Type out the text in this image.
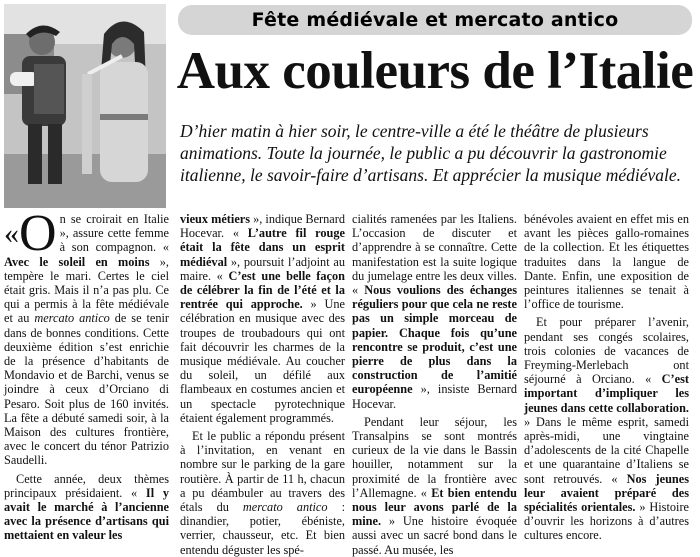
Fête médiévale et mercato antico
Aux couleurs de l’Italie

D’hier matin à hier soir, le centre-ville a été le théâtre de plusieurs animations. Toute la journée, le public a pu découvrir la gastronomie italienne, le savoir-faire d’artisans. Et apprécier la musique médiévale.

«O n se croirait en Italie », assure cette femme à son compagnon. « Avec le soleil en moins », tempère le mari. Certes le ciel était gris. Mais il n’a pas plu. Ce qui a permis à la fête médiévale et au mercato antico de se tenir dans de bonnes conditions. Cette deuxième édition s’est enrichie de la présence d’habitants de Mondavio et de Barchi, venus se joindre à ceux d’Orciano di Pesaro. Soit plus de 160 invités. La fête a débuté samedi soir, à la Maison des cultures frontière, avec le concert du ténor Patrizio Saudelli.

Cette année, deux thèmes principaux présidaient. « Il y avait le marché à l’ancienne avec la présence d’artisans qui mettaient en valeur les

vieux métiers », indique Bernard Hocevar. « L’autre fil rouge était la fête dans un esprit médiéval », poursuit l’adjoint au maire. « C’est une belle façon de célébrer la fin de l’été et la rentrée qui approche. » Une célébration en musique avec des troupes de troubadours qui ont fait découvrir les charmes de la musique médiévale. Au coucher du soleil, un défilé aux flambeaux en costumes ancien et un spectacle pyrotechnique étaient également programmés.

Et le public a répondu présent à l’invitation, en venant en nombre sur le parking de la gare routière. À partir de 11 h, chacun a pu déambuler au travers des étals du mercato antico : dinandier, potier, ébéniste, verrier, chausseur, etc. Et bien entendu déguster les spé-

cialités ramenées par les Italiens. L’occasion de discuter et d’apprendre à se connaître. Cette manifestation est la suite logique du jumelage entre les deux villes. « Nous voulions des échanges réguliers pour que cela ne reste pas un simple morceau de papier. Chaque fois qu’une rencontre se produit, c’est une pierre de plus dans la construction de l’amitié européenne », insiste Bernard Hocevar.

Pendant leur séjour, les Transalpins se sont montrés curieux de la vie dans le Bassin houiller, notamment sur la proximité de la frontière avec l’Allemagne. « Et bien entendu nous leur avons parlé de la mine. » Une histoire évoquée aussi avec un sacré bond dans le passé. Au musée, les

bénévoles avaient en effet mis en avant les pièces gallo-romaines de la collection. Et les étiquettes traduites dans la langue de Dante. Enfin, une exposition de peintures italiennes se tenait à l’office de tourisme.

Et pour préparer l’avenir, pendant ses congés scolaires, trois colonies de vacances de Freyming-Merlebach ont séjourné à Orciano. « C’est important d’impliquer les jeunes dans cette collaboration. » Dans le même esprit, samedi après-midi, une vingtaine d’adolescents de la cité Chapelle et une quarantaine d’Italiens se sont retrouvés. « Nos jeunes leur avaient préparé des spécialités orientales. » Histoire d’ouvrir les horizons à d’autres cultures encore.
